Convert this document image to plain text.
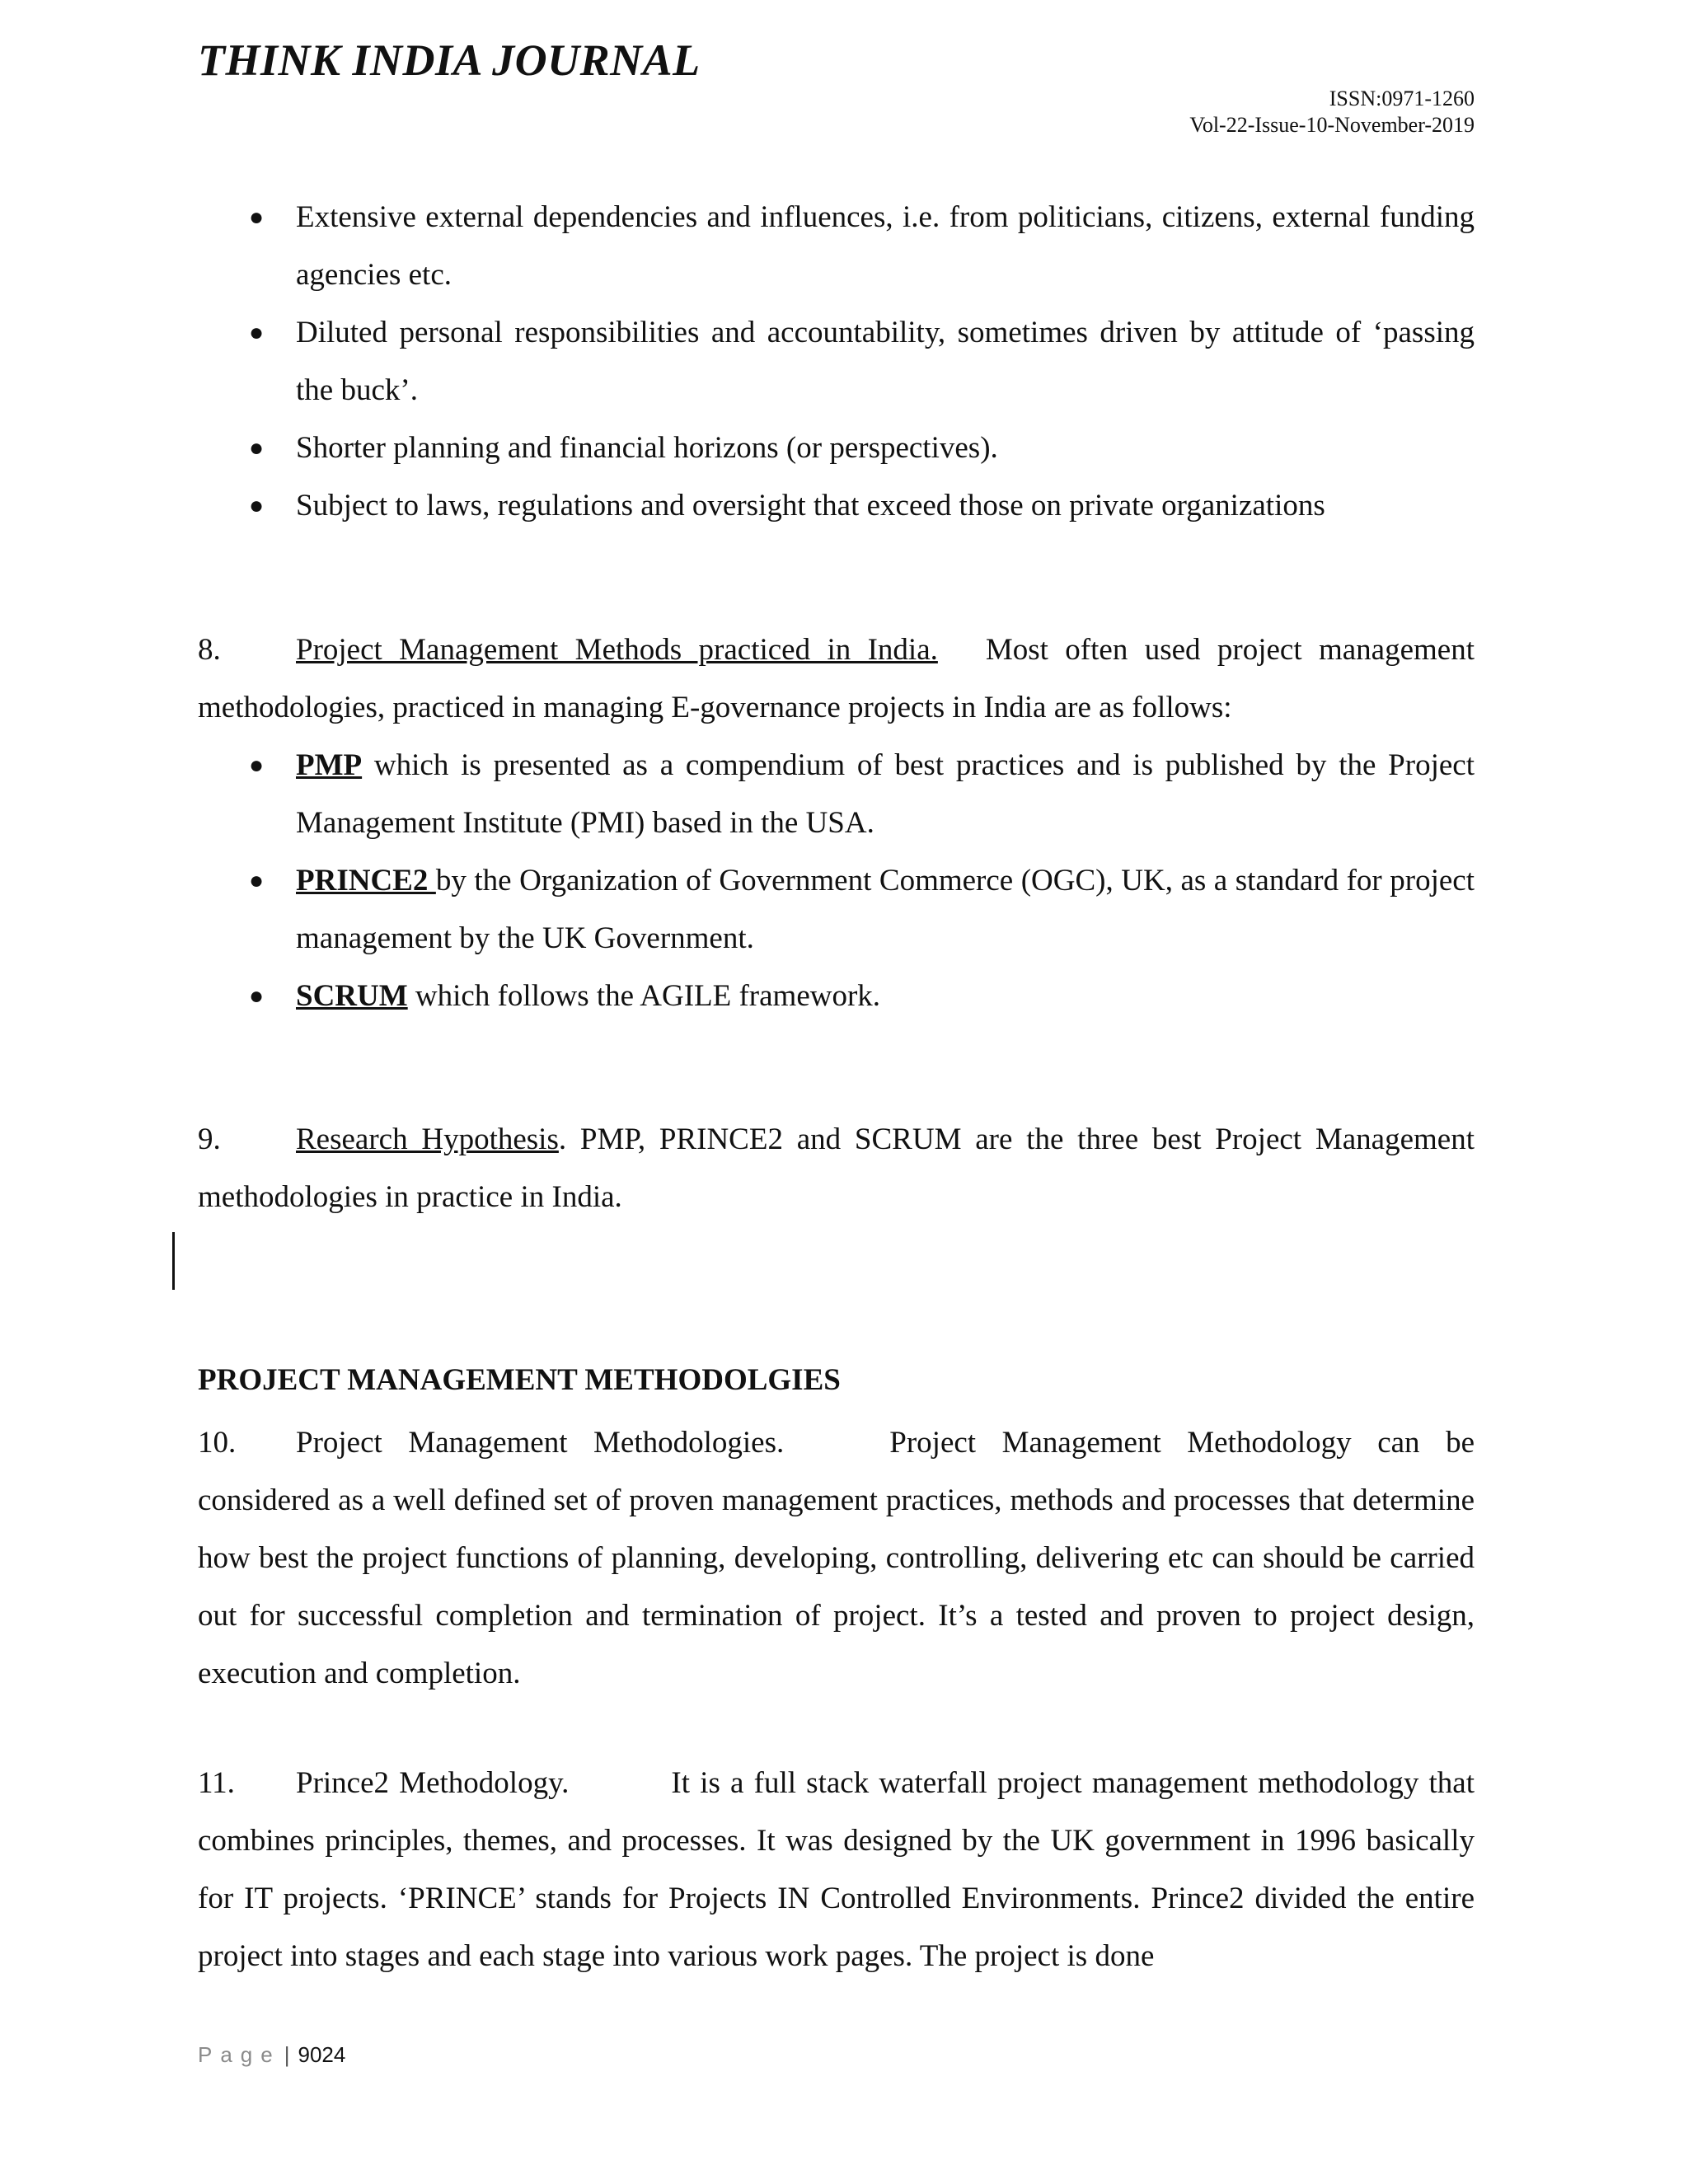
THINK INDIA JOURNAL
ISSN:0971-1260
Vol-22-Issue-10-November-2019
● Extensive external dependencies and influences, i.e. from politicians, citizens, external funding agencies etc.
● Diluted personal responsibilities and accountability, sometimes driven by attitude of ‘passing the buck’.
● Shorter planning and financial horizons (or perspectives).
● Subject to laws, regulations and oversight that exceed those on private organizations

8. Project Management Methods practiced in India. Most often used project management methodologies, practiced in managing E-governance projects in India are as follows:

● PMP which is presented as a compendium of best practices and is published by the Project Management Institute (PMI) based in the USA.
● PRINCE2 by the Organization of Government Commerce (OGC), UK, as a standard for project management by the UK Government.
● SCRUM which follows the AGILE framework.

9. Research Hypothesis. PMP, PRINCE2 and SCRUM are the three best Project Management methodologies in practice in India.

PROJECT MANAGEMENT METHODOLGIES

10. Project Management Methodologies.	Project Management Methodology can be considered as a well defined set of proven management practices, methods and processes that determine how best the project functions of planning, developing, controlling, delivering etc can should be carried out for successful completion and termination of project. It’s a tested and proven to project design, execution and completion.

11. Prince2 Methodology.	It is a full stack waterfall project management methodology that combines principles, themes, and processes. It was designed by the UK government in 1996 basically for IT projects. ‘PRINCE’ stands for Projects IN Controlled Environments. Prince2 divided the entire project into stages and each stage into various work pages. The project is done

Page | 9024
